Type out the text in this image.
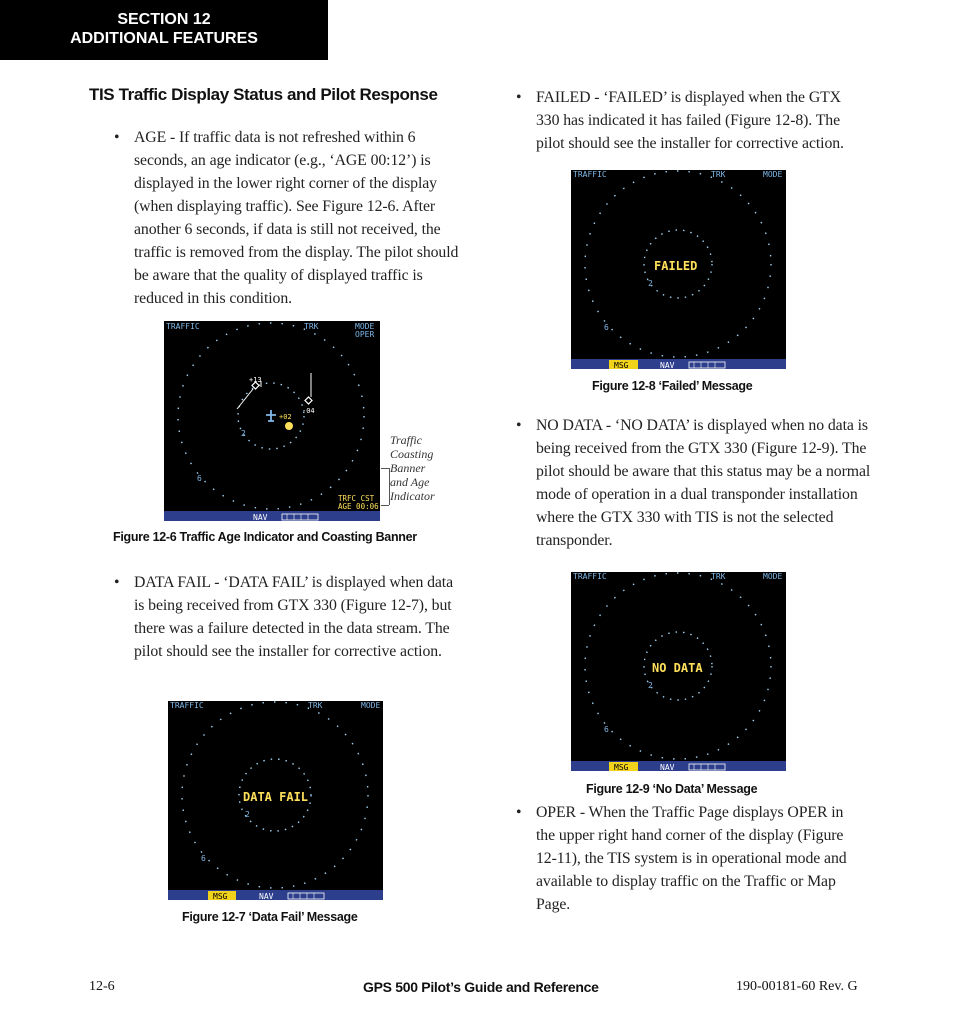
SECTION 12
ADDITIONAL FEATURES
TIS Traffic Display Status and Pilot Response
• AGE - If traffic data is not refreshed within 6 seconds, an age indicator (e.g., ‘AGE 00:12’) is displayed in the lower right corner of the display (when displaying traffic). See Figure 12-6. After another 6 seconds, if data is still not received, the traffic is removed from the display. The pilot should be aware that the quality of displayed traffic is reduced in this condition.
TRAFFIC	TRK	MODE
OPER
+13
-04
+02
2
6
TRFC CST
AGE 00:06
NAV
Traffic
Coasting
Banner
and Age
Indicator
Figure 12-6 Traffic Age Indicator and Coasting Banner
• DATA FAIL - ‘DATA FAIL’ is displayed when data is being received from GTX 330 (Figure 12-7), but there was a failure detected in the data stream. The pilot should see the installer for corrective action.
TRAFFIC	TRK	MODE
DATA FAIL
2
6
MSG	NAV
Figure 12-7 ‘Data Fail’ Message
• FAILED - ‘FAILED’ is displayed when the GTX 330 has indicated it has failed (Figure 12-8). The pilot should see the installer for corrective action.
TRAFFIC	TRK	MODE
FAILED
2
6
MSG	NAV
Figure 12-8 ‘Failed’ Message
• NO DATA - ‘NO DATA’ is displayed when no data is being received from the GTX 330 (Figure 12-9). The pilot should be aware that this status may be a normal mode of operation in a dual transponder installation where the GTX 330 with TIS is not the selected transponder.
TRAFFIC	TRK	MODE
NO DATA
2
6
MSG	NAV
Figure 12-9 ‘No Data’ Message
• OPER - When the Traffic Page displays OPER in the upper right hand corner of the display (Figure 12-11), the TIS system is in operational mode and available to display traffic on the Traffic or Map Page.
12-6	GPS 500 Pilot’s Guide and Reference	190-00181-60 Rev. G
